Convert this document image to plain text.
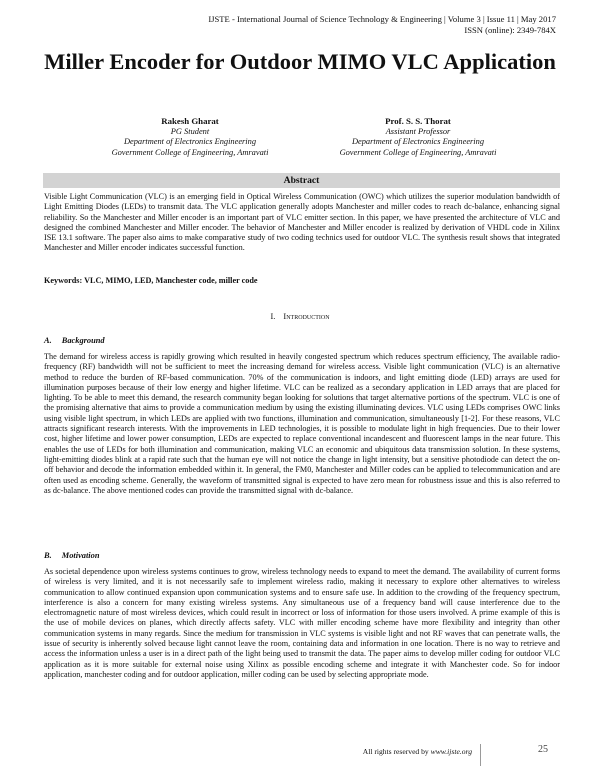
IJSTE - International Journal of Science Technology & Engineering | Volume 3 | Issue 11 | May 2017
ISSN (online): 2349-784X
Miller Encoder for Outdoor MIMO VLC Application
Rakesh Gharat
PG Student
Department of Electronics Engineering
Government College of Engineering, Amravati
Prof. S. S. Thorat
Assistant Professor
Department of Electronics Engineering
Government College of Engineering, Amravati
Abstract

Visible Light Communication (VLC) is an emerging field in Optical Wireless Communication (OWC) which utilizes the superior modulation bandwidth of Light Emitting Diodes (LEDs) to transmit data. The VLC application generally adopts Manchester and miller codes to reach dc-balance, enhancing signal reliability. So the Manchester and Miller encoder is an important part of VLC emitter section. In this paper, we have presented the architecture of VLC and designed the combined Manchester and Miller encoder. The behavior of Manchester and Miller encoder is realized by derivation of VHDL code in Xilinx ISE 13.1 software. The paper also aims to make comparative study of two coding technics used for outdoor VLC. The synthesis result shows that integrated Manchester and Miller encoder indicates successful function.

Keywords: VLC, MIMO, LED, Manchester code, miller code

I. Introduction
A. Background

The demand for wireless access is rapidly growing which resulted in heavily congested spectrum which reduces spectrum efficiency, The available radio-frequency (RF) bandwidth will not be sufficient to meet the increasing demand for wireless access. Visible light communication (VLC) is an alternative method to reduce the burden of RF-based communication. 70% of the communication is indoors, and light emitting diode (LED) arrays are used for illumination purposes because of their low energy and higher lifetime. VLC can be realized as a secondary application in LED arrays that are placed for lighting. To be able to meet this demand, the research community began looking for solutions that target alternative portions of the spectrum. VLC is one of the promising alternative that aims to provide a communication medium by using the existing illuminating devices. VLC using LEDs comprises OWC links using visible light spectrum, in which LEDs are applied with two functions, illumination and communication, simultaneously [1-2]. For these reasons, VLC attracts significant research interests. With the improvements in LED technologies, it is possible to modulate light in high frequencies. Due to their lower cost, higher lifetime and lower power consumption, LEDs are expected to replace conventional incandescent and fluorescent lamps in the near future. This enables the use of LEDs for both illumination and communication, making VLC an economic and ubiquitous data transmission solution. In these systems, light-emitting diodes blink at a rapid rate such that the human eye will not notice the change in light intensity, but a sensitive photodiode can detect the on-off behavior and decode the information embedded within it. In general, the FM0, Manchester and Miller codes can be applied to telecommunication and are often used as encoding scheme. Generally, the waveform of transmitted signal is expected to have zero mean for robustness issue and this is also referred to as dc-balance. The above mentioned codes can provide the transmitted signal with dc-balance.

B. Motivation

As societal dependence upon wireless systems continues to grow, wireless technology needs to expand to meet the demand. The availability of current forms of wireless is very limited, and it is not necessarily safe to implement wireless radio, making it necessary to explore other alternatives to wireless communication to allow continued expansion upon communication systems and to ensure safe use. In addition to the crowding of the frequency spectrum, interference is also a concern for many existing wireless systems. Any simultaneous use of a frequency band will cause interference due to the electromagnetic nature of most wireless devices, which could result in incorrect or loss of information for those users involved. A prime example of this is the use of mobile devices on planes, which directly affects safety. VLC with miller encoding scheme have more flexibility and integrity than other communication systems in many regards. Since the medium for transmission in VLC systems is visible light and not RF waves that can penetrate walls, the issue of security is inherently solved because light cannot leave the room, containing data and information in one location. There is no way to retrieve and access the information unless a user is in a direct path of the light being used to transmit the data. The paper aims to develop miller coding for outdoor VLC application as it is more suitable for external noise using Xilinx as possible encoding scheme and integrate it with Manchester code. So for indoor application, manchester coding and for outdoor application, miller coding can be used by selecting appropriate mode.

All rights reserved by www.ijste.org	25
